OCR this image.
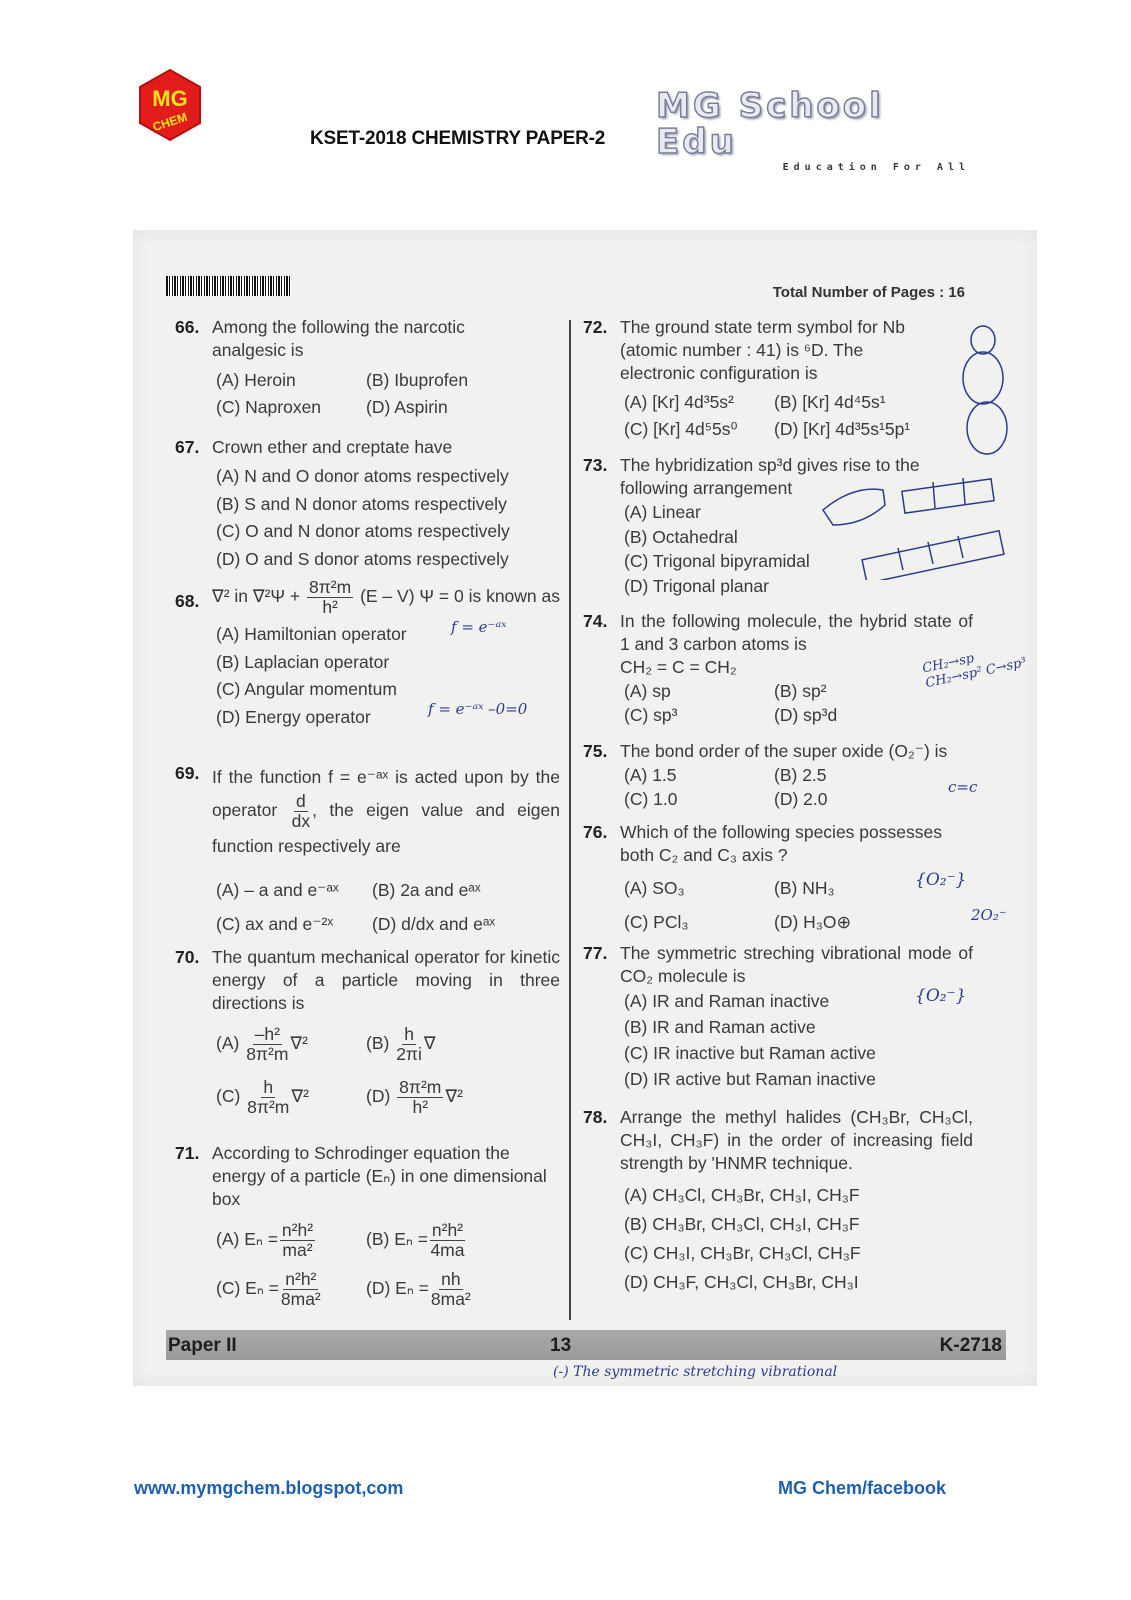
MG
CHEM
KSET-2018 CHEMISTRY PAPER-2
MG School Edu
Education For All
Total Number of Pages : 16
66. Among the following the narcotic analgesic is
(A) Heroin	(B) Ibuprofen
(C) Naproxen	(D) Aspirin
67. Crown ether and creptate have
(A) N and O donor atoms respectively
(B) S and N donor atoms respectively
(C) O and N donor atoms respectively
(D) O and S donor atoms respectively
68. ∇² in $\nabla^2\Psi + \frac{\text{8π²m}}{\text{h²}} (E - V) \Psi = 0$ is known as
(A) Hamiltonian operator
(B) Laplacian operator
(C) Angular momentum
(D) Energy operator
69. If the function f = e⁻ᵃˣ is acted upon by the operator $\frac{d}{dx}$ , the eigen value and eigen function respectively are
(A) – a and e⁻ᵃˣ	(B) 2a and eᵃˣ
(C) ax and e⁻²ˣ	(D) d/dx and eᵃˣ
70. The quantum mechanical operator for kinetic energy of a particle moving in three directions is
$(A) \frac{\text{–h²}}{\text{8π²m}} \nabla^2$	$(B) \frac{h}{2\pi i}$ ∇
$(C) \frac{h}{\text{8π²m}} \nabla^2$	$(D) \frac{\text{8π²m}}{\text{h²}} \nabla^2$
71. According to Schrodinger equation the energy of a particle (Eₙ) in one dimensional box
(A) $E_n = \frac{\text{n²h²}}{\text{ma²}}$	(B) $E_n = \frac{\text{n²h²}}{4ma}$
(C) $E_n = \frac{\text{n²h²}}{\text{8ma²}}$	(D) $E_n = \frac{nh}{\text{8ma²}}$
72. The ground state term symbol for Nb (atomic number : 41) is ⁶D. The electronic configuration is
(A) [Kr] 4d³5s²	(B) [Kr] 4d⁴5s¹
(C) [Kr] 4d⁵5s⁰	(D) [Kr] 4d³5s¹5p¹
73. The hybridization sp³d gives rise to the following arrangement
(A) Linear
(B) Octahedral
(C) Trigonal bipyramidal
(D) Trigonal planar
74. In the following molecule, the hybrid state of 1 and 3 carbon atoms is
CH₂ = C = CH₂
(A) sp	(B) sp²
(C) sp³	(D) sp³d
75. The bond order of the super oxide (O₂⁻) is
(A) 1.5	(B) 2.5
(C) 1.0	(D) 2.0
76. Which of the following species possesses both C₂ and C₃ axis ?
(A) SO₃	(B) NH₃
(C) PCl₃	(D) H₃O⊕
77. The symmetric streching vibrational mode of CO₂ molecule is
(A) IR and Raman inactive
(B) IR and Raman active
(C) IR inactive but Raman active
(D) IR active but Raman inactive
78. Arrange the methyl halides (CH₃Br, CH₃Cl, CH₃I, CH₃F) in the order of increasing field strength by 'HNMR technique.
(A) CH₃Cl, CH₃Br, CH₃I, CH₃F
(B) CH₃Br, CH₃Cl, CH₃I, CH₃F
(C) CH₃I, CH₃Br, CH₃Cl, CH₃F
(D) CH₃F, CH₃Cl, CH₃Br, CH₃I
f = e⁻ᵃˣ
f = e⁻ᵃˣ –0=0
CH₂→sp CH₂→sp² C→sp³
c=c
{O₂⁻}
2O₂⁻
{O₂⁻}
Paper II	13	K-2718
(-) The symmetric stretching vibrational
www.mymgchem.blogspot,com	MG Chem/facebook
